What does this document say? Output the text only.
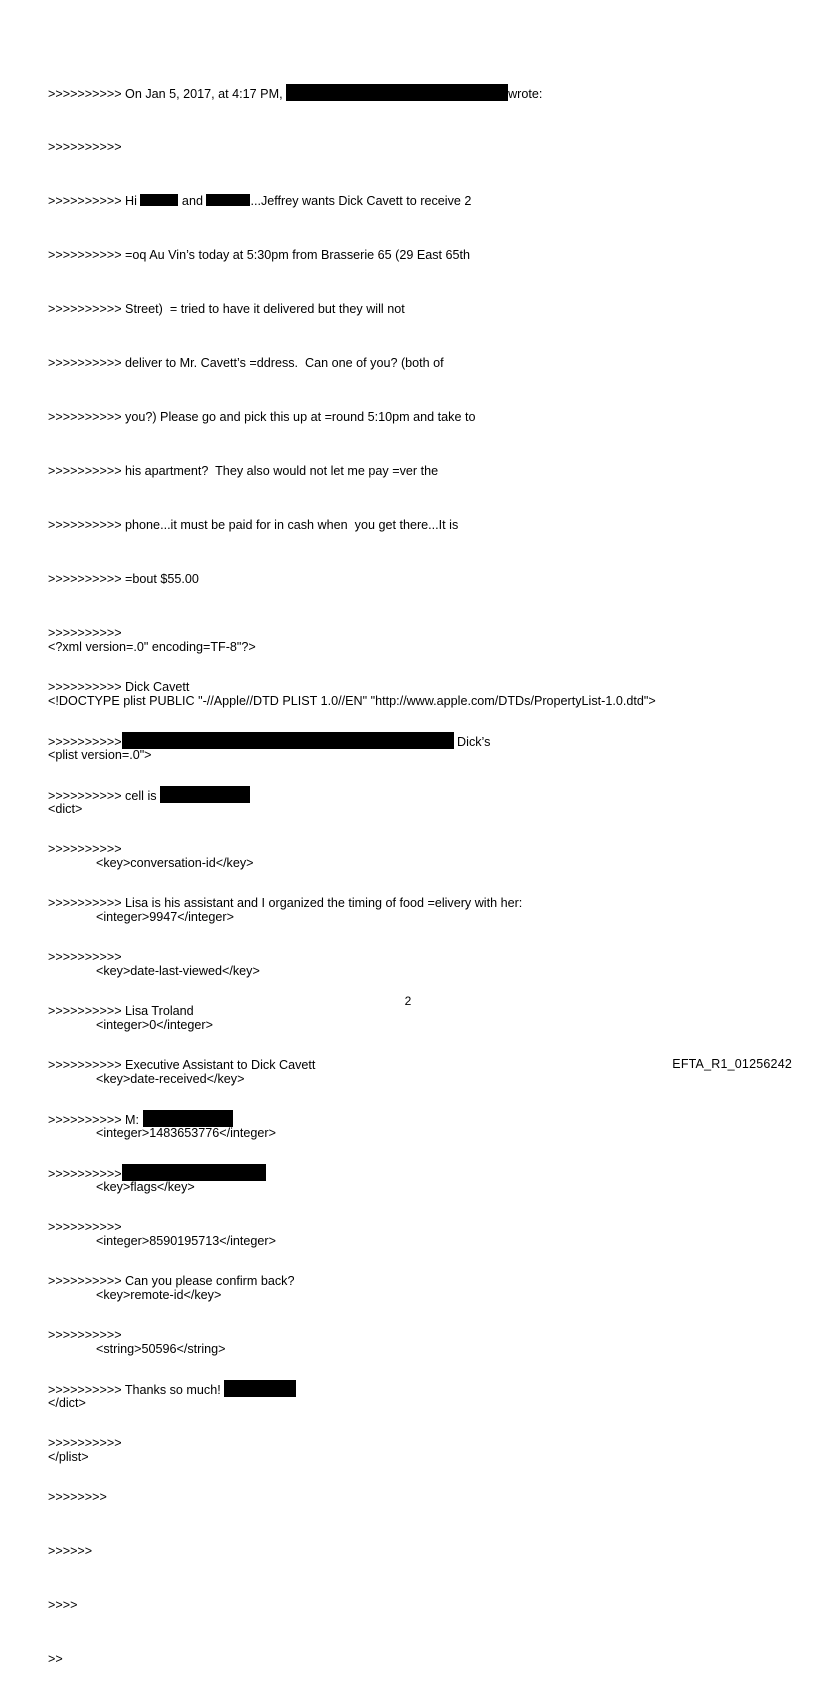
>>>>>>>>>> On Jan 5, 2017, at 4:17 PM,	wrote:

>>>>>>>>>>

>>>>>>>>>> Hi	and	...Jeffrey wants Dick Cavett to receive 2

>>>>>>>>>> =oq Au Vin’s today at 5:30pm from Brasserie 65 (29 East 65th

>>>>>>>>>> Street)  = tried to have it delivered but they will not

>>>>>>>>>> deliver to Mr. Cavett’s =ddress.  Can one of you? (both of

>>>>>>>>>> you?) Please go and pick this up at =round 5:10pm and take to

>>>>>>>>>> his apartment?  They also would not let me pay =ver the

>>>>>>>>>> phone...it must be paid for in cash when  you get there...It is

>>>>>>>>>> =bout $55.00

>>>>>>>>>>

>>>>>>>>>> Dick Cavett

>>>>>>>>>>	Dick’s

>>>>>>>>>> cell is

>>>>>>>>>>

>>>>>>>>>> Lisa is his assistant and I organized the timing of food =elivery with her:

>>>>>>>>>>

>>>>>>>>>> Lisa Troland

>>>>>>>>>> Executive Assistant to Dick Cavett

>>>>>>>>>> M:

>>>>>>>>>>

>>>>>>>>>>

>>>>>>>>>> Can you please confirm back?

>>>>>>>>>>

>>>>>>>>>> Thanks so much!

>>>>>>>>>>

>>>>>>>>

>>>>>>

>>>>

>>

<?xml version=.0" encoding=TF-8"?>

<!DOCTYPE plist PUBLIC "-//Apple//DTD PLIST 1.0//EN" "http://www.apple.com/DTDs/PropertyList-1.0.dtd">

<plist version=.0">

<dict>

<key>conversation-id</key>

<integer>9947</integer>

<key>date-last-viewed</key>

<integer>0</integer>

<key>date-received</key>

<integer>1483653776</integer>

<key>flags</key>

<integer>8590195713</integer>

<key>remote-id</key>

<string>50596</string>

</dict>

</plist>

2
EFTA_R1_01256242
